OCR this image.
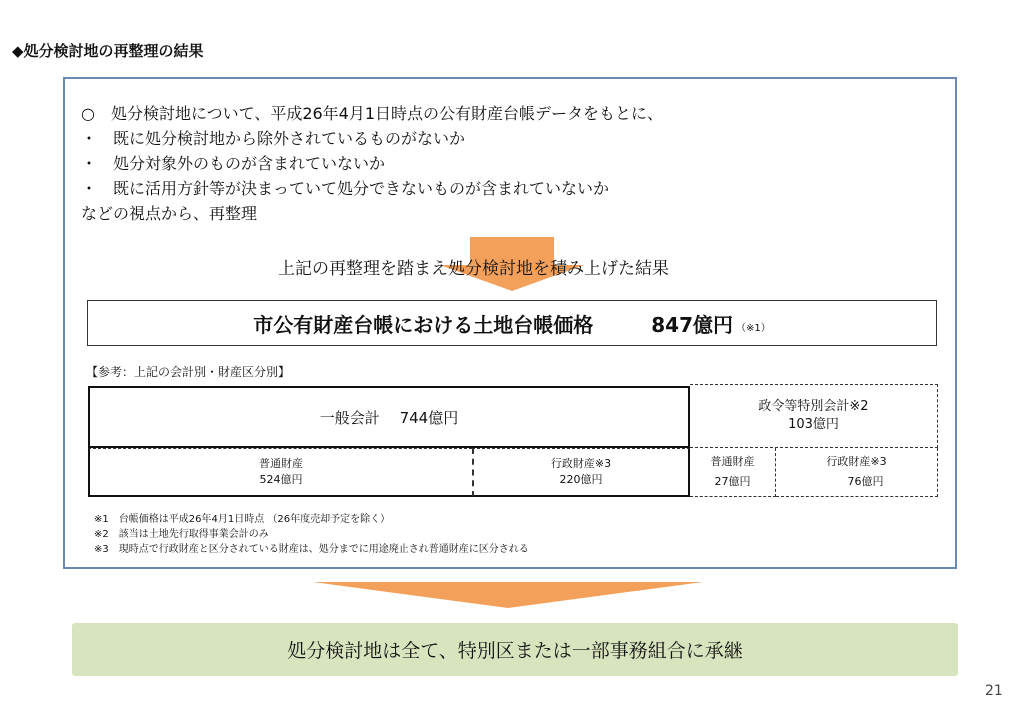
◆処分検討地の再整理の結果
○　処分検討地について、平成26年4月1日時点の公有財産台帳データをもとに、
・　既に処分検討地から除外されているものがないか
・　処分対象外のものが含まれていないか
・　既に活用方針等が決まっていて処分できないものが含まれていないか
などの視点から、再整理
上記の再整理を踏まえ処分検討地を積み上げた結果
市公有財産台帳における土地台帳価格	847億円 （※1）
【参考：上記の会計別・財産区分別】
一般会計　 744億円
政令等特別会計※2
103億円
普通財産
524億円
行政財産※3
220億円
普通財産
27億円
行政財産※3
76億円
※1　台帳価格は平成26年4月1日時点 （26年度売却予定を除く）
※2　該当は土地先行取得事業会計のみ
※3　現時点で行政財産と区分されている財産は、処分までに用途廃止され普通財産に区分される
処分検討地は全て、特別区または一部事務組合に承継
21
